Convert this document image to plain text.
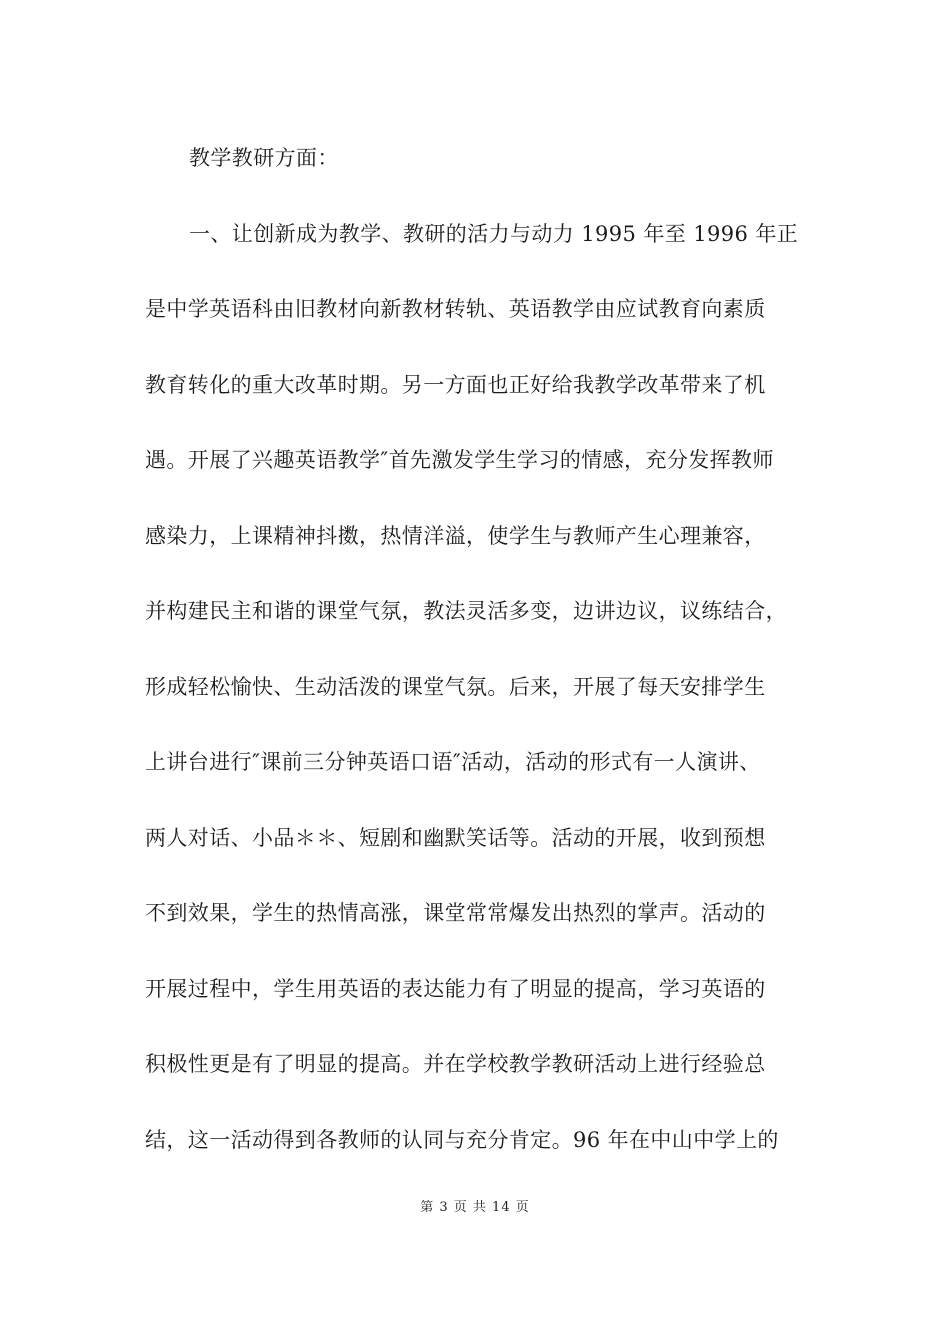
教学教研方面：
一、让创新成为教学、教研的活力与动力 1995 年至 1996 年正
是中学英语科由旧教材向新教材转轨、英语教学由应试教育向素质
教育转化的重大改革时期。另一方面也正好给我教学改革带来了机
遇。开展了兴趣英语教学″首先激发学生学习的情感，充分发挥教师
感染力，上课精神抖擞，热情洋溢，使学生与教师产生心理兼容，
并构建民主和谐的课堂气氛，教法灵活多变，边讲边议，议练结合，
形成轻松愉快、生动活泼的课堂气氛。后来，开展了每天安排学生
上讲台进行″课前三分钟英语口语″活动，活动的形式有一人演讲、
两人对话、小品＊＊、短剧和幽默笑话等。活动的开展，收到预想
不到效果，学生的热情高涨，课堂常常爆发出热烈的掌声。活动的
开展过程中，学生用英语的表达能力有了明显的提高，学习英语的
积极性更是有了明显的提高。并在学校教学教研活动上进行经验总
结，这一活动得到各教师的认同与充分肯定。96 年在中山中学上的
第 3 页 共 14 页
